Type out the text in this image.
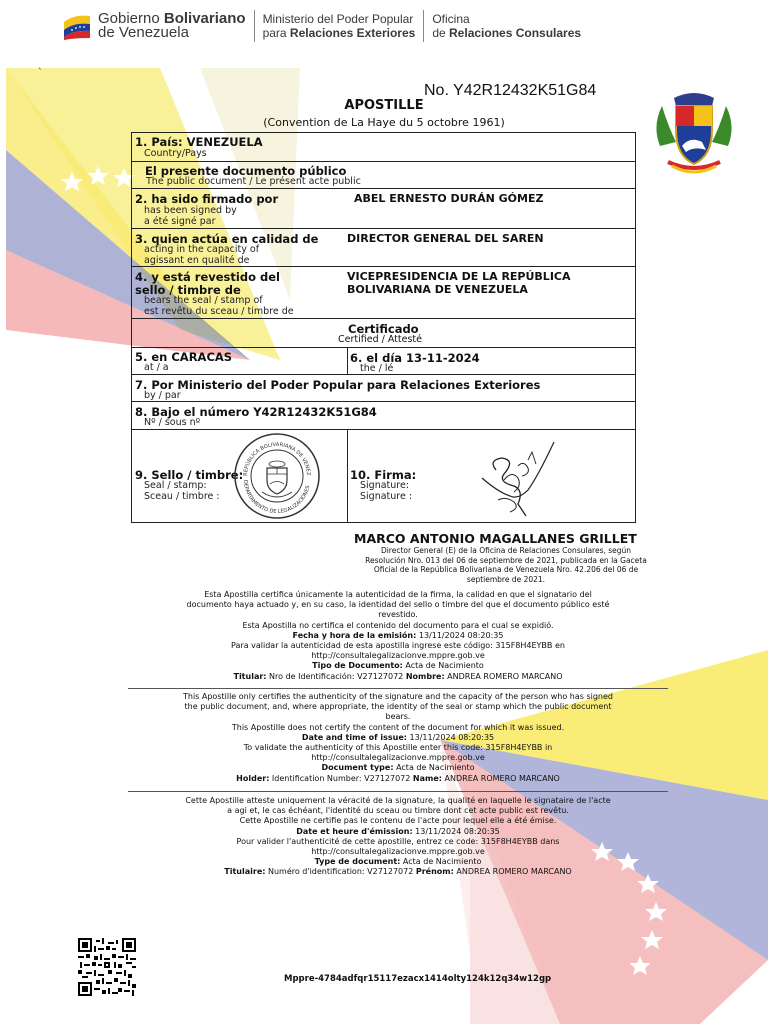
Gobierno Bolivariano
de Venezuela
Ministerio del Poder Popular
para Relaciones Exteriores
Oficina
de Relaciones Consulares
`
No. Y42R12432K51G84
APOSTILLE
(Convention de La Haye du 5 octobre 1961)
1. País: VENEZUELA
Country/Pays
El presente documento público
The public document / Le présent acte public
2. ha sido firmado por
has been signed by
a été signé par
ABEL ERNESTO DURÁN GÓMEZ
3. quien actúa en calidad de
acting in the capacity of
agissant en qualité de
DIRECTOR GENERAL DEL SAREN
4. y está revestido del
sello / timbre de
bears the seal / stamp of
est revêtu du sceau / timbre de
VICEPRESIDENCIA DE LA REPÚBLICA
BOLIVARIANA DE VENEZUELA
Certificado
Certified / Attesté
5. en CARACAS
at / a
6. el día 13-11-2024
the / lé
7. Por Ministerio del Poder Popular para Relaciones Exteriores
by / par
8. Bajo el número Y42R12432K51G84
Nº / sous nº
9. Sello / timbre:
Seal / stamp:
Sceau / timbre :
REPÚBLICA BOLIVARIANA DE VENEZ
DEPARTAMENTO DE LEGALIZACIONES
10. Firma:
Signature:
Signature :
MARCO ANTONIO MAGALLANES GRILLET
Director General (E) de la Oficina de Relaciones Consulares, según
Resolución Nro. 013 del 06 de septiembre de 2021, publicada en la Gaceta
Oficial de la República Bolivariana de Venezuela Nro. 42.206 del 06 de
septiembre de 2021.
Esta Apostilla certifica únicamente la autenticidad de la firma, la calidad en que el signatario del
documento haya actuado y, en su caso, la identidad del sello o timbre del que el documento público esté
revestido.
Esta Apostilla no certifica el contenido del documento para el cual se expidió.
Fecha y hora de la emisión: 13/11/2024 08:20:35
Para validar la autenticidad de esta apostilla ingrese este código: 315F8H4EYBB en
http://consultalegalizacionve.mppre.gob.ve
Tipo de Documento: Acta de Nacimiento
Titular: Nro de Identificación: V27127072 Nombre: ANDREA ROMERO MARCANO
This Apostille only certifies the authenticity of the signature and the capacity of the person who has signed
the public document, and, where appropriate, the identity of the seal or stamp which the public document
bears.
This Apostille does not certify the content of the document for which it was issued.
Date and time of issue: 13/11/2024 08:20:35
To validate the authenticity of this Apostille enter this code: 315F8H4EYBB in
http://consultalegalizacionve.mppre.gob.ve
Document type: Acta de Nacimiento
Holder: Identification Number: V27127072 Name: ANDREA ROMERO MARCANO
Cette Apostille atteste uniquement la véracité de la signature, la qualité en laquelle le signataire de l'acte
a agi et, le cas échéant, l'identité du sceau ou timbre dont cet acte public est revêtu.
Cette Apostille ne certifie pas le contenu de l'acte pour lequel elle a été émise.
Date et heure d'émission: 13/11/2024 08:20:35
Pour valider l'authenticité de cette apostille, entrez ce code: 315F8H4EYBB dans
http://consultalegalizacionve.mppre.gob.ve
Type de document: Acta de Nacimiento
Titulaire: Numéro d'identification: V27127072 Prénom: ANDREA ROMERO MARCANO
Mppre-4784adfqr15117ezacx1414olty124k12q34w12gp
